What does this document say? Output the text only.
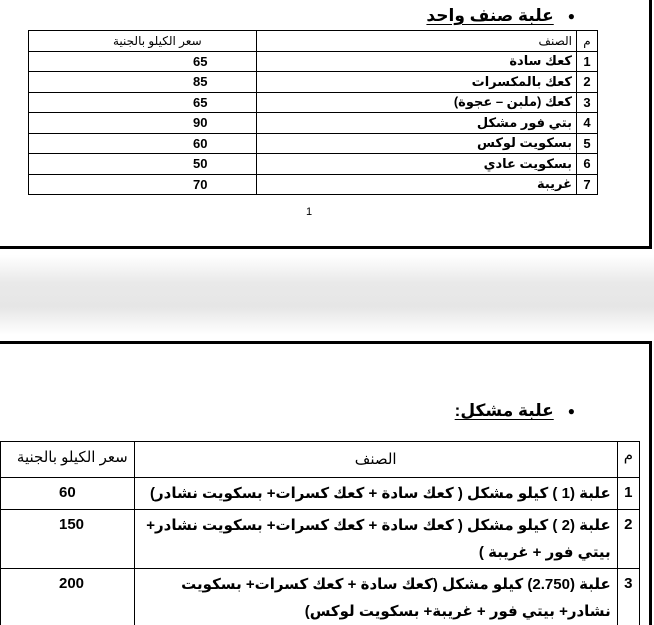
●
علبة صنف واحد
م	الصنف	سعر الكيلو بالجنية
1	كعك سادة	65
2	كعك بالمكسرات	85
3	كعك (ملبن – عجوة)	65
4	بتي فور مشكل	90
5	بسكويت لوكس	60
6	بسكويت عادي	50
7	غريبة	70
1
●
علبة مشكل:
م	الصنف	سعر الكيلو بالجنية
1	علبة (1 ) كيلو مشكل ( كعك سادة + كعك كسرات+ بسكويت نشادر)	60
2	علبة (2 ) كيلو مشكل ( كعك سادة + كعك كسرات+ بسكويت نشادر+ بيتي فور + غريبة )	150
3	علبة (2.750) كيلو مشكل (كعك سادة + كعك كسرات+ بسكويت نشادر+ بيتي فور + غريبة+ بسكويت لوكس)	200
